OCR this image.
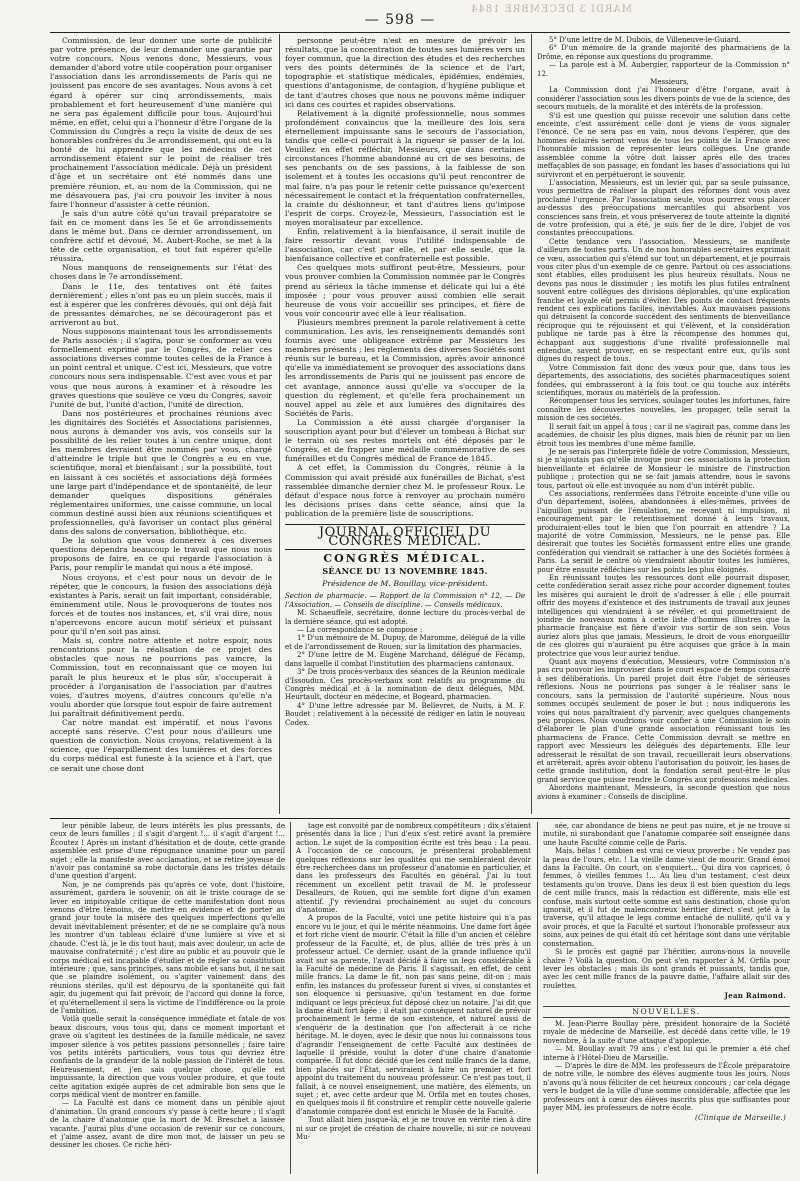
MARDI 3 DÉCEMBRE 1844
— 598 —

Commission, de leur donner une sorte de publicité par votre présence, de leur demander une garantie par votre concours. Nous venons donc, Messieurs, vous demander d'abord votre utile coopération pour organiser l'association dans les arrondissements de Paris qui ne jouissent pas encore de ses avantages. Nous avons à cet égard à opérer sur cinq arrondissements, mais probablement et fort heureusement d'une manière qui ne sera pas également difficile pour tous. Aujourd'hui même, en effet, celui qui a l'honneur d'être l'organe de la Commission du Congrès a reçu la visite de deux de ses honorables confrères du 3e arrondissement, qui ont eu la bonté de lui apprendre que les médecins de cet arrondissement étaient sur le point de réaliser très prochainement l'association médicale. Déjà un président d'âge et un secrétaire ont été nommés dans une première réunion, et, au nom de la Commission, qui ne me désavouera pas, j'ai cru pouvoir les inviter à nous faire l'honneur d'assister à cette réunion.

Je sais d'un autre côté qu'un travail préparatoire se fait en ce moment dans les 5e et 6e arrondissements dans le même but. Dans ce dernier arrondissement, un confrère actif et dévoué, M. Aubert-Roche, se met à la tête de cette organisation, et tout fait espérer qu'elle réussira.

Nous manquons de renseignements sur l'état des choses dans le 7e arrondissement.

Dans le 11e, des tentatives ont été faites dernièrement ; elles n'ont pas eu un plein succès, mais il est à espérer que les confrères dévoués, qui ont déjà fait de pressantes démarches, ne se décourageront pas et arriveront au but.

Nous supposons maintenant tous les arrondissements de Paris associés ; il s'agira, pour se conformer au vœu formellement exprimé par le Congrès, de relier ces associations diverses comme toutes celles de la France à un point central et unique. C'est ici, Messieurs, que votre concours nous sera indispensable. C'est avec vous et par vous que nous aurons à examiner et à résoudre les graves questions que soulève ce vœu du Congrès, savoir l'unité de but, l'unité d'action, l'unité de direction.

Dans nos postérieures et prochaines réunions avec les dignitaires des Sociétés et Associations parisiennes, nous aurons à demander vos avis, vos conseils sur la possibilité de les relier toutes à un centre unique, dont les membres devraient être nommés par vous, chargé d'atteindre le triple but que le Congrès a eu en vue, scientifique, moral et bienfaisant ; sur la possibilité, tout en laissant à ces sociétés et associations déjà formées une large part d'indépendance et de spontanéité, de leur demander quelques dispositions générales réglementaires uniformes, une caisse commune, un local commun destiné aussi bien aux réunions scientifiques et professionnelles, qu'à favoriser un contact plus général dans des salons de conversation, bibliothèque, etc.

De la solution que vous donnerez à ces diverses questions dépendra beaucoup le travail que nous nous proposons de faire, en ce qui regarde l'association à Paris, pour remplir le mandat qui nous a été imposé.

Nous croyons, et c'est pour nous un devoir de le répéter, que le concours, la fusion des associations déjà existantes à Paris, serait un fait important, considérable, éminemment utile. Nous le provoquerons de toutes nos forces et de toutes nos instances, et, s'il vrai dire, nous n'apercevons encore aucun motif sérieux et puissant pour qu'il n'en soit pas ainsi.

Mais si, contre notre attente et notre espoir, nous rencontrions pour la réalisation de ce projet des obstacles que nous ne pourrions pas vaincre, la Commission, tout en reconnaissant que ce moyen lui paraît le plus heureux et le plus sûr, s'occuperait à procéder à l'organisation de l'association par d'autres voies, d'autres moyens, d'autres concours qu'elle n'a voulu aborder que lorsque tout espoir de faire autrement lui paraîtrait définitivement perdu.

Car notre mandat est impératif, et nous l'avons accepté sans réserve. C'est pour nous d'ailleurs une question de conviction. Nous croyons, relativement à la science, que l'éparpillement des lumières et des forces du corps médical est funeste à la science et à l'art, que ce serait une chose dont

personne peut-être n'est en mesure de prévoir les résultats, que la concentration de toutes ses lumières vers un foyer commun, que la direction des études et des recherches vers des points déterminés de la science et de l'art, topographie et statistique médicales, épidémies, endémies, questions d'antagonisme, de contagion, d'hygiène publique et de tant d'autres choses que nous ne pouvons même indiquer ici dans ces courtes et rapides observations.

Relativement à la dignité professionnelle, nous sommes profondément convaincus que la meilleure des lois sera éternellement impuissante sans le secours de l'association, tandis que celle-ci pourrait à la rigueur se passer de la loi. Veuillez en effet réfléchir, Messieurs, que dans certaines circonstances l'homme abandonné au cri de ses besoins, de ses penchants ou de ses passions, à la faiblesse de son isolement et à toutes les occasions qu'il peut rencontrer de mal faire, n'a pas pour le retenir cette puissance qu'exercent nécessairement le contact et la fréquentation confraternelles, la crainte du déshonneur, et tant d'autres liens qu'impose l'esprit de corps. Croyez-le, Messieurs, l'association est le moyen moralisateur par excellence.

Enfin, relativement à la bienfaisance, il serait inutile de faire ressortir devant vous l'utilité indispensable de l'association, car c'est par elle, et par elle seule, que la bienfaisance collective et confraternelle est possible.

Ces quelques mots suffiront peut-être, Messieurs, pour vous prouver combien la Commission nommée par le Congrès prend au sérieux la tâche immense et délicate qui lui a été imposée ; pour vous prouver aussi combien elle serait heureuse de vous voir accueillir ses principes, et fière de vous voir concourir avec elle à leur réalisation.

Plusieurs membres prennent la parole relativement à cette communication. Les avis, les renseignements demandés sont fournis avec une obligeance extrême par Messieurs les membres présents ; les règlements des diverses Sociétés sont réunis sur le bureau, et la Commission, après avoir annoncé qu'elle va immédiatement se provoquer des associations dans les arrondissements de Paris qui ne jouissent pas encore de cet avantage, annonce aussi qu'elle va s'occuper de la question du règlement, et qu'elle fera prochainement un nouvel appel au zèle et aux lumières des dignitaires des Sociétés de Paris.

La Commission a été aussi chargée d'organiser la souscription ayant pour but d'élever un tombeau à Bichat sur le terrain où ses restes mortels ont été déposés par le Congrès, et de frapper une médaille commémorative de ses funérailles et du Congrès médical de France de 1845.

A cet effet, la Commission du Congrès, réunie à la Commission qui avait présidé aux funérailles de Bichat, s'est rassemblée dimanche dernier chez M. le professeur Roux. Le défaut d'espace nous force à renvoyer au prochain numéro les décisions prises dans cette séance, ainsi que la publication de la première liste de souscriptions.

JOURNAL OFFICIEL DU CONGRÈS MÉDICAL.
CONGRÈS MÉDICAL.
SÉANCE DU 13 NOVEMBRE 1845.
Présidence de M. Bouillay, vice-président.

Section de pharmacie. — Rapport de la Commission n° 12. — De l'Association. — Conseils de discipline. — Conseils médicaux.

M. Schaeuffele, secrétaire, donne lecture du procès-verbal de la dernière séance, qui est adopté.

— La correspondance se compose :

1° D'un mémoire de M. Dupuy, de Maromme, délégué de la ville et de l'arrondissement de Rouen, sur la limitation des pharmacies.

2° D'une lettre de M. Eugène Marchand, délégué de Fécamp, dans laquelle il combat l'institution des pharmaciens cantonaux.

3° De trois procès-verbaux des séances de la Réunion médicale d'Issoudun. Ces procès-verbaux sont relatifs au programme du Congrès médical et à la nomination de deux délégués, MM. Heurtault, docteur en médecine, et Bogeard, pharmacien.

4° D'une lettre adressée par M. Bellevret, de Nuits, à M. F. Boudet ; relativement à la nécessité de rédiger en latin le nouveau Codex.

5° D'une lettre de M. Dubois, de Villeneuve-le-Guiard.

6° D'un mémoire de la grande majorité des pharmaciens de la Drôme, en réponse aux questions du programme.

— La parole est à M. Aubergier, rapporteur de la Commission n° 12.

Messieurs,

La Commission dont j'ai l'honneur d'être l'organe, avait à considérer l'association sous les divers points de vue de la science, des secours mutuels, de la moralité et des intérêts de la profession.

S'il est une question qui puisse recevoir une solution dans cette enceinte, c'est assurément celle dont je viens de vous signaler l'énoncé. Ce ne sera pas en vain, nous devons l'espérer, que des hommes éclairés seront venus de tous les points de la France avec l'honorable mission de représenter leurs collègues. Une grande assemblée comme la vôtre doit laisser après elle des traces ineffaçables de son passage, en fondant les bases d'associations qui lui survivront et en perpétueront le souvenir.

L'association, Messieurs, est un levier qui, par sa seule puissance, vous permettra de réaliser la plupart des réformes dont vous avez proclamé l'urgence. Par l'association seule, vous pourrez vous placer au-dessus des préoccupations mercantiles qui absorbent vos consciences sans frein, et vous préserverez de toute atteinte la dignité de votre profession, qui a été, je suis fier de le dire, l'objet de vos constantes préoccupations.

Cette tendance vers l'association, Messieurs, se manifeste d'ailleurs de toutes parts. Un de nos honorables secrétaires exprimait ce vœu, association qui s'étend sur tout un département, et je pourrais vous citer plus d'un exemple de ce genre. Partout où ces associations sont établies, elles produisent les plus heureux résultats. Nous ne devons pas nous le dissimuler ; les motifs les plus futiles entraînent souvent entre collègues des divisions déplorables, qu'une explication franche et loyale eût permis d'éviter. Des points de contact fréquents rendent ces explications faciles, inévitables. Aux mauvaises passions qui détruisent la concorde succèdent des sentiments de bienveillance réciproque qui te réjouissent et qui t'élèvent, et la considération publique ne tarde pas à être la récompense des hommes qui, échappant aux suggestions d'une rivalité professionnelle mal entendue, savent prouver, en se respectant entre eux, qu'ils sont dignes du respect de tous.

Votre Commission fait donc des vœux pour que, dans tous les départements, des associations, des sociétés pharmaceutiques soient fondées, qui embrasseront à la fois tout ce qui touche aux intérêts scientifiques, moraux ou matériels de la profession.

Récompenser tous les services, soulager toutes les infortunes, faire connaître les découvertes nouvelles, les propager, telle serait la mission de ces sociétés.

Il serait fait un appel à tous ; car il ne s'agirait pas, comme dans les académies, de choisir les plus dignes, mais bien de réunir par un lien étroit tous les membres d'une même famille.

Je ne serais pas l'interprète fidèle de votre Commission, Messieurs, si je n'ajoutais pas qu'elle invoque pour ces associations la protection bienveillante et éclairée de Monsieur le ministre de l'instruction publique ; protection qui ne se fait jamais attendre, nous le savons tous, partout où elle est invoquée au nom d'un intérêt public.

Ces associations, renfermées dans l'étroite enceinte d'une ville ou d'un département, isolées, abandonnées à elles-mêmes, privées de l'aiguillon puissant de l'émulation, ne recevant ni impulsion, ni encouragement par le retentissement donné à leurs travaux, produiraient-elles tout le bien que l'on pourrait en attendre ? La majorité de votre Commission, Messieurs, ne le pense pas. Elle désirerait que toutes les Sociétés formassent entre elles une grande confédération qui viendrait se rattacher à une des Sociétés formées à Paris. La serait le centre où viendraient aboutir toutes les lumières, pour être ensuite réfléchies sur les points les plus éloignés.

En réunissant toutes les ressources dont elle pourrait disposer, cette confédération serait assez riche pour accorder dignement toutes les misères qui auraient le droit de s'adresser à elle ; elle pourrait offrir des moyens d'existence et des instruments de travail aux jeunes intelligences qui viendraient à se révéler, et qui promettraient de joindre de nouveaux noms à cette liste d'hommes illustres que la pharmacie française est fière d'avoir vus sortir de son sein. Vous auriez alors plus que jamais, Messieurs, le droit de vous enorgueillir de ces gloires qui n'auraient pu être acquises que grâce à la main protectrice que vous leur auriez tendue.

Quant aux moyens d'exécution, Messieurs, votre Commission n'a pas cru pouvoir les improviser dans le court espace de temps consacré à ses délibérations. Un pareil projet doit être l'objet de sérieuses réflexions. Nous ne pourrions pas songer à le réaliser sans le concours, sans la permission de l'autorité supérieure. Nous nous sommes occupés seulement de poser le but ; nous indiquerons les voies qui nous paraîtraient d'y parvenir, avec quelques changements peu propices. Nous voudrions voir confier à une Commission le soin d'élaborer le plan d'une grande association réunissant tous les pharmaciens de France. Cette Commission devrait se mettre en rapport avec Messieurs les délégués des départements. Elle leur adresserait le résultat de son travail, recueillerait leurs observations et arrêterait, après avoir obtenu l'autorisation du pouvoir, les bases de cette grande institution, dont la fondation serait peut-être le plus grand service que puisse rendre le Congrès aux professions médicales.

Abordons maintenant, Messieurs, la seconde question que nous avions à examiner : Conseils de discipline.

leur pénible labeur, de leurs intérêts les plus pressants, de ceux de leurs familles ; il s'agit d'argent !... il s'agit d'argent !... Écoutez ! Après un instant d'hésitation et de doute, cette grande assemblée est prise d'une répugnance unanime pour un pareil sujet ; elle la manifeste avec acclamation, et se retire joyeuse de n'avoir pas contaminé sa robe doctorale dans les tristes détails d'une question d'argent.

Non, je ne comprends pas qu'après ce vote, dont l'histoire, assurément, gardera le souvenir, on ait le triste courage de se lever en impitoyable critique de cette manifestation dont nous venons d'être témoins, de mettre en évidence et de porter au grand jour toute la misère des quelques imperfections qu'elle devait inévitablement présenter, et de ne se complaire qu'à nous les montrer d'un tableau éclairé d'une lumière si vive et si chaude. C'est là, je le dis tout haut, mais avec douleur, un acte de mauvaise confraternité ; c'est dire au public et au pouvoir que le corps médical est incapable d'étudier et de régler sa constitution intérieure ; que, sans principes, sans mobile et sans but, il ne sait que se plaindre isolément, ou s'agiter vainement dans des réunions stériles, qu'il est dépourvu de la spontanéité qui fait agir, du jugement qui fait prévoir, de l'accord qui donne la force, et qu'éternellement il sera la victime de l'indifférence ou la proie de l'ambition.

Voilà quelle serait la conséquence immédiate et fatale de vos beaux discours, vous tous qui, dans ce moment important et grave où s'agitent les destinées de la famille médicale, ne savez imposer silence à vos petites passions personnelles ; faire taire vos petits intérêts particuliers, vous tous qui devriez être confiants de la grandeur de la noble passion de l'intérêt de tous. Heureusement, et j'en sais quelque chose, qu'elle est impuissante, la direction que vous voulez produire, et que toute cette agitation exigée auprès de cet admirable bon sens que le corps médical vient de montrer en famille.

— La Faculté est dans ce moment dans un pénible ajout d'animation. Un grand concours s'y passe à cette heure ; il s'agit de la chaire d'anatomie que la mort de M. Breschet a laissée vacante. J'aurai plus d'une occasion de revenir sur ce concours, et j'aime assez, avant de dire mon mot, de laisser un peu se dessiner les choses. Ce riche héri-

tage est convoité par de nombreux compétiteurs ; dix s'étaient présentés dans la lice ; l'un d'eux s'est retiré avant la première action. Le sujet de la composition écrite est très beau : La peau. A l'occasion de ce concours, je présenterai probablement quelques réflexions sur les qualités qui me sembleraient devoir être recherchées dans un professeur d'anatomie en particulier, et dans les professeurs des Facultés en général. J'ai lu tout récemment un excellent petit travail de M. le professeur Desalleurs, de Rouen, qui me semble fort digne d'un examen attentif. J'y reviendrai prochainement au sujet du concours d'anatomie.

A propos de la Faculté, voici une petite histoire qui n'a pas encore vu le jour, et qui le mérite néanmoins. Une dame fort âgée et fort riche vient de mourir. C'était la fille d'un ancien et célèbre professeur de la Faculté, et, de plus, alliée de très près à un professeur actuel. Ce dernier, usant de la grande influence qu'il avait sur sa parente, l'avait décidé à faire un legs considérable à la Faculté de médecine de Paris. Il s'agissait, en effet, de cent mille francs. La dame le fit, non pas sans peine, dit-on ; mais enfin, les instances du professeur furent si vives, si constantes et son éloquence si persuasive, qu'un testament en due forme indiquant ce legs précieux fut déposé chez un notaire. J'ai dit que la dame était fort âgée ; il était par conséquent naturel de prévoir prochainement le terme de son existence, et naturel aussi de s'enquérir de la destination que l'on affecterait à ce riche héritage. M. le doyen, avec le désir que nous lui connaissons tous d'agrandir l'enseignement de cette Faculté aux destinées de laquelle il préside, voulut la doter d'une chaire d'anatomie comparée. Il fut donc décidé que les cent mille francs de la dame, bien placés sur l'État, serviraient à faire un premier et fort appoint du traitement du nouveau professeur. Ce n'est pas tout, il fallait, à ce nouvel enseignement, une matière, des éléments, un sujet ; et, avec cette ardeur que M. Orfila met en toutes choses, en quelques mois il fit construire et remplir cette nouvelle galerie d'anatomie comparée dont est enrichi le Musée de la Faculté.

Tout allait bien jusque-là, et je ne trouve en vérité rien à dire ni sur ce projet de création de chaire nouvelle, ni sur ce nouveau Mu-

sée, car abondance de biens ne peut pas nuire, et je ne trouve si inutile, ni surabondant que l'anatomie comparée soit enseignée dans une haute Faculté comme celle de Paris.

Mais, hélas ! combien est vrai ce vieux proverbe : Ne vendez pas la peau de l'ours, etc. ! La vieille dame vient de mourir. Grand émoi dans la Faculté. On court, on s'enquiert... Qui dira vos caprices, ô femmes, ô vieilles femmes !... Au lieu d'un testament, c'est deux testaments qu'on trouve. Dans les deux il est bien question du legs de cent mille francs, mais la rédaction est différente, mais elle est confuse, mais surtout cette somme est sans destination, chose qu'on ignorait, et il fut de malencontreux héritier direct s'est jeté à la traverse, qu'il attaque le legs comme entaché de nullité, qu'il va y avoir procès, et que la Faculté et surtout l'honorable professeur aux soins, aux peines de qui était dû cet héritage sont dans une véritable consternation.

Si le procès est gagné par l'héritier, aurons-nous la nouvelle chaire ? Voilà la question. On peut s'en rapporter à M. Orfila pour lever les obstacles ; mais ils sont grands et puissants, tandis que, avec les cent mille francs de la pauvre dame, l'affaire allait sur des roulettes.

Jean Raimond.
NOUVELLES.

M. Jean-Pierre Boullay père, président honoraire de la Société royale de médecine de Marseille, est décédé dans cette ville, le 19 novembre, à la suite d'une attaque d'apoplexie.

— M. Boullay avait 79 ans ; c'est lui qui le premier a été chef interne à l'Hôtel-Dieu de Marseille.

— D'après le dire de MM. les professeurs de l'École préparatoire de notre ville, le nombre des élèves augmente tous les jours. Nous n'avons qu'à nous féliciter de cet heureux concours ; car cela dégage vers le budget de la ville d'une somme considérable, affectée que les professeurs ont à cœur des élèves inscrits plus que suffisantes pour payer MM. les professeurs de notre école.

(Clinique de Marseille.)
